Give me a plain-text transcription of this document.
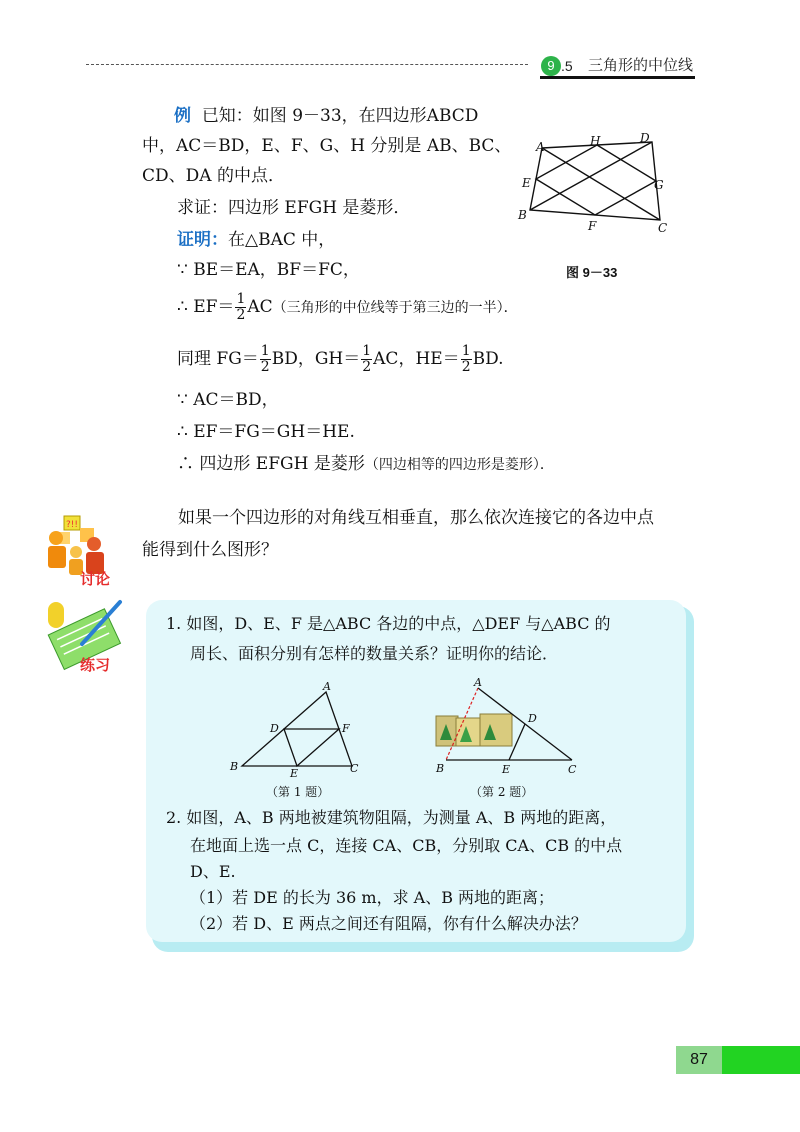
9 .5 三角形的中位线
例 已知：如图 9－33，在四边形ABCD
中，AC＝BD，E、F、G、H 分别是 AB、BC、
CD、DA 的中点．
求证：四边形 EFGH 是菱形．
证明：在△BAC 中，
∵ BE＝EA，BF＝FC，
∴ $EF= \frac{1}{2} AC$（三角形的中位线等于第三边的一半）．
同理 $FG= \frac{1}{2}$ BD，$GH= \frac{1}{2}$ AC，$HE= \frac{1}{2}$ BD.
∵ AC＝BD，
∴ EF＝FG＝GH＝HE.
∴ 四边形 EFGH 是菱形（四边相等的四边形是菱形）．
A
B
C
D
E
F
G
H
图 9－33
?!!
讨论
如果一个四边形的对角线互相垂直，那么依次连接它的各边中点
能得到什么图形？
练习
1. 如图，D、E、F 是△ABC 各边的中点，△DEF 与△ABC 的
周长、面积分别有怎样的数量关系？证明你的结论．
A
B	C
D
E
F
（第 1 题）
A
B	C
D
E
（第 2 题）
2. 如图，A、B 两地被建筑物阻隔，为测量 A、B 两地的距离，
在地面上选一点 C，连接 CA、CB，分别取 CA、CB 的中点
D、E.
（1）若 DE 的长为 36 m，求 A、B 两地的距离；
（2）若 D、E 两点之间还有阻隔，你有什么解决办法？
87
